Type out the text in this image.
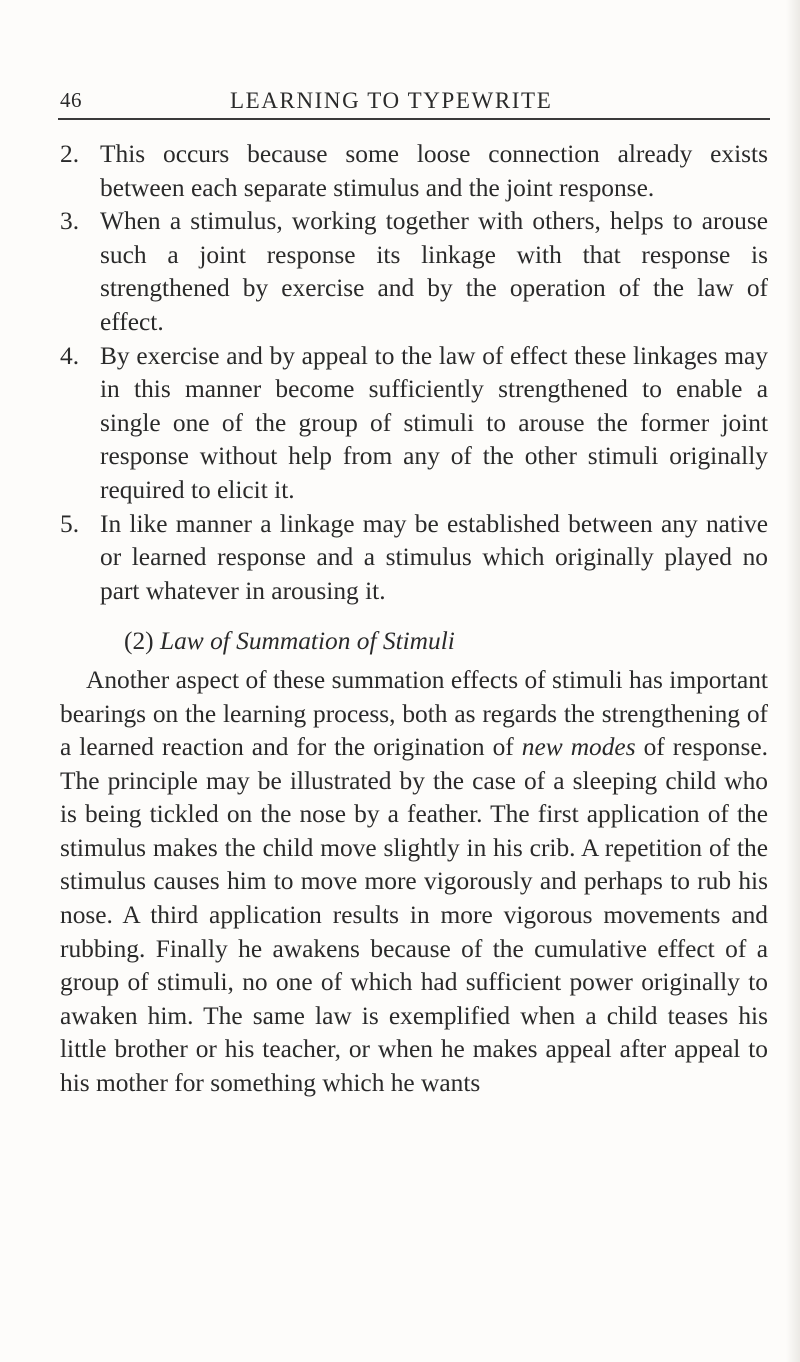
46	LEARNING TO TYPEWRITE
2. This occurs because some loose connection already exists between each separate stimulus and the joint response.
3. When a stimulus, working together with others, helps to arouse such a joint response its linkage with that response is strengthened by exercise and by the operation of the law of effect.
4. By exercise and by appeal to the law of effect these linkages may in this manner become sufficiently strengthened to enable a single one of the group of stimuli to arouse the former joint response without help from any of the other stimuli originally required to elicit it.
5. In like manner a linkage may be established between any native or learned response and a stimulus which originally played no part whatever in arousing it.
(2) Law of Summation of Stimuli

Another aspect of these summation effects of stimuli has important bearings on the learning process, both as regards the strengthening of a learned reaction and for the origination of new modes of response. The principle may be illustrated by the case of a sleeping child who is being tickled on the nose by a feather. The first application of the stimulus makes the child move slightly in his crib. A repetition of the stimulus causes him to move more vigorously and perhaps to rub his nose. A third application results in more vigorous movements and rubbing. Finally he awakens because of the cumulative effect of a group of stimuli, no one of which had sufficient power originally to awaken him. The same law is exemplified when a child teases his little brother or his teacher, or when he makes appeal after appeal to his mother for something which he wants
